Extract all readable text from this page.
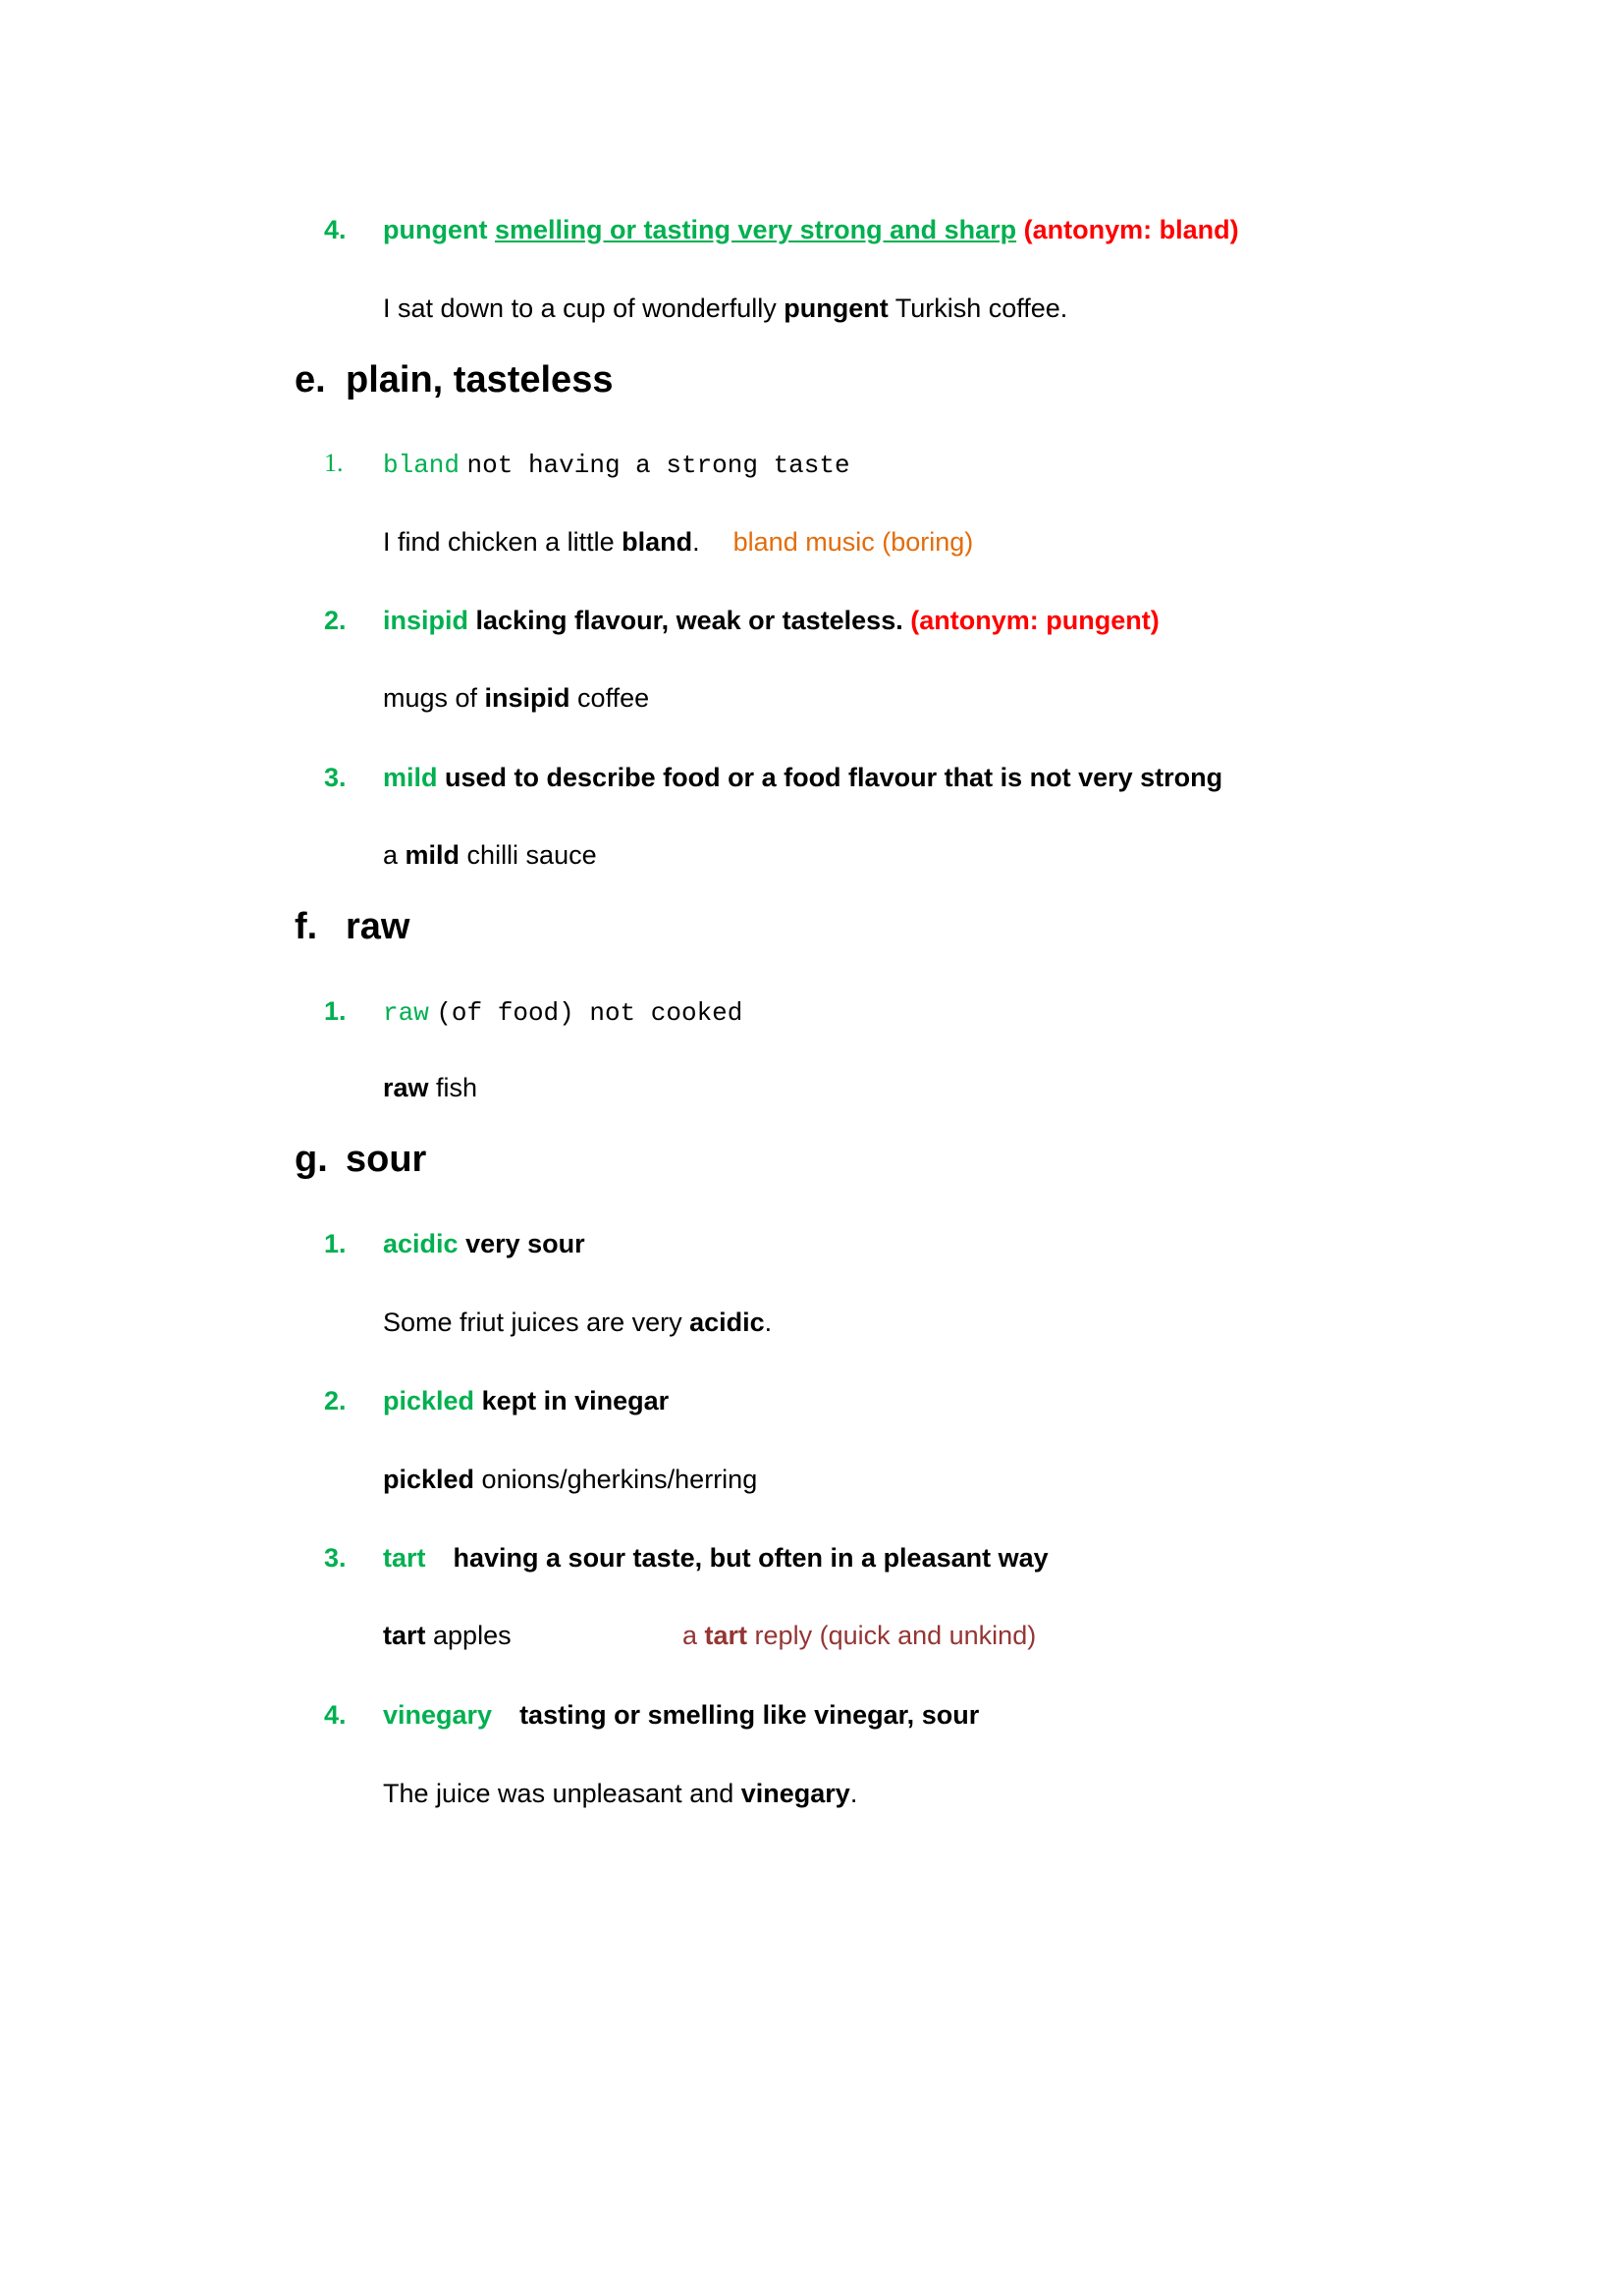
4.	pungent smelling or tasting very strong and sharp (antonym: bland)
I sat down to a cup of wonderfully pungent Turkish coffee.
e. plain, tasteless
1.	bland not having a strong taste
I find chicken a little bland. bland music (boring)
2.	insipid lacking flavour, weak or tasteless. (antonym: pungent)
mugs of insipid coffee
3.	mild used to describe food or a food flavour that is not very strong
a mild chilli sauce
f. raw
1.	raw (of food) not cooked
raw fish
g. sour
1.	acidic very sour
Some friut juices are very acidic.
2.	pickled kept in vinegar
pickled onions/gherkins/herring
3.	tart having a sour taste, but often in a pleasant way
tart apples	a tart reply (quick and unkind)
4.	vinegary tasting or smelling like vinegar, sour
The juice was unpleasant and vinegary.
